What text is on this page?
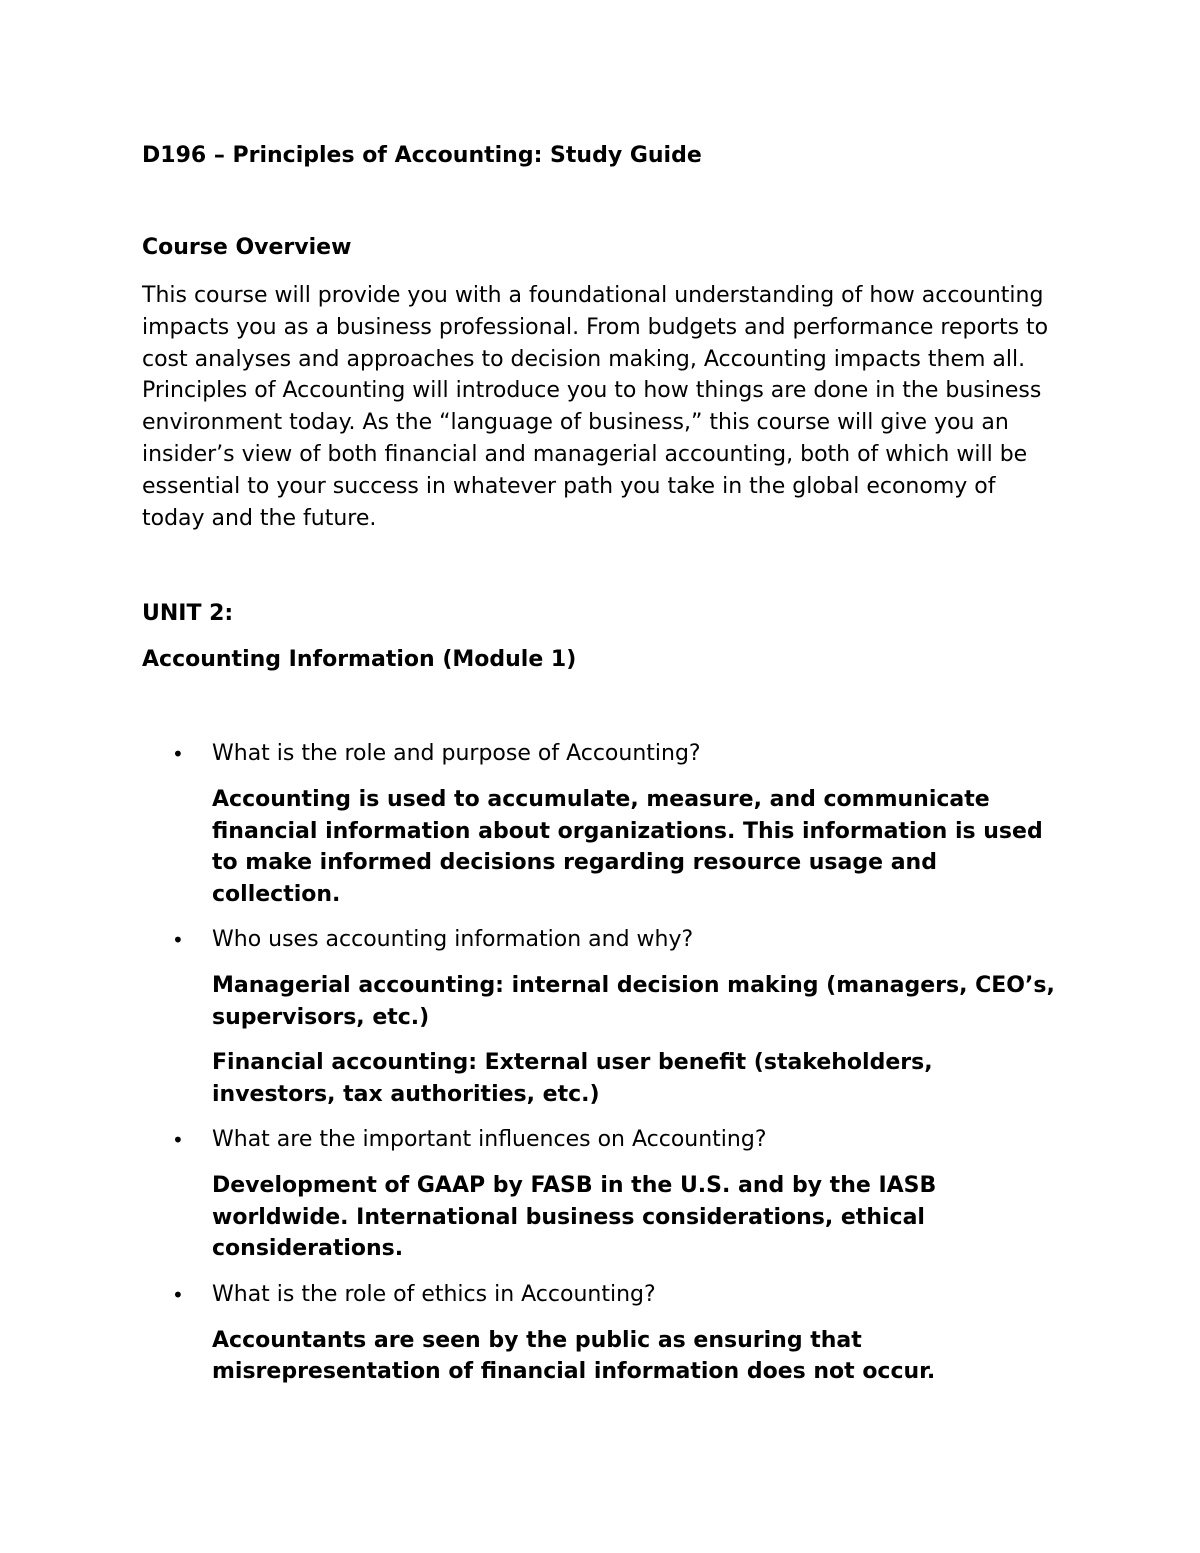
D196 – Principles of Accounting: Study Guide
Course Overview

This course will provide you with a foundational understanding of how accounting impacts you as a business professional. From budgets and performance reports to cost analyses and approaches to decision making, Accounting impacts them all. Principles of Accounting will introduce you to how things are done in the business environment today. As the “language of business,” this course will give you an insider’s view of both financial and managerial accounting, both of which will be essential to your success in whatever path you take in the global economy of today and the future.

UNIT 2:
Accounting Information (Module 1)
• What is the role and purpose of Accounting?

Accounting is used to accumulate, measure, and communicate financial information about organizations. This information is used to make informed decisions regarding resource usage and collection.

• Who uses accounting information and why?

Managerial accounting: internal decision making (managers, CEO’s, supervisors, etc.)

Financial accounting: External user benefit (stakeholders, investors, tax authorities, etc.)

• What are the important influences on Accounting?

Development of GAAP by FASB in the U.S. and by the IASB worldwide. International business considerations, ethical considerations.

• What is the role of ethics in Accounting?

Accountants are seen by the public as ensuring that misrepresentation of financial information does not occur.
